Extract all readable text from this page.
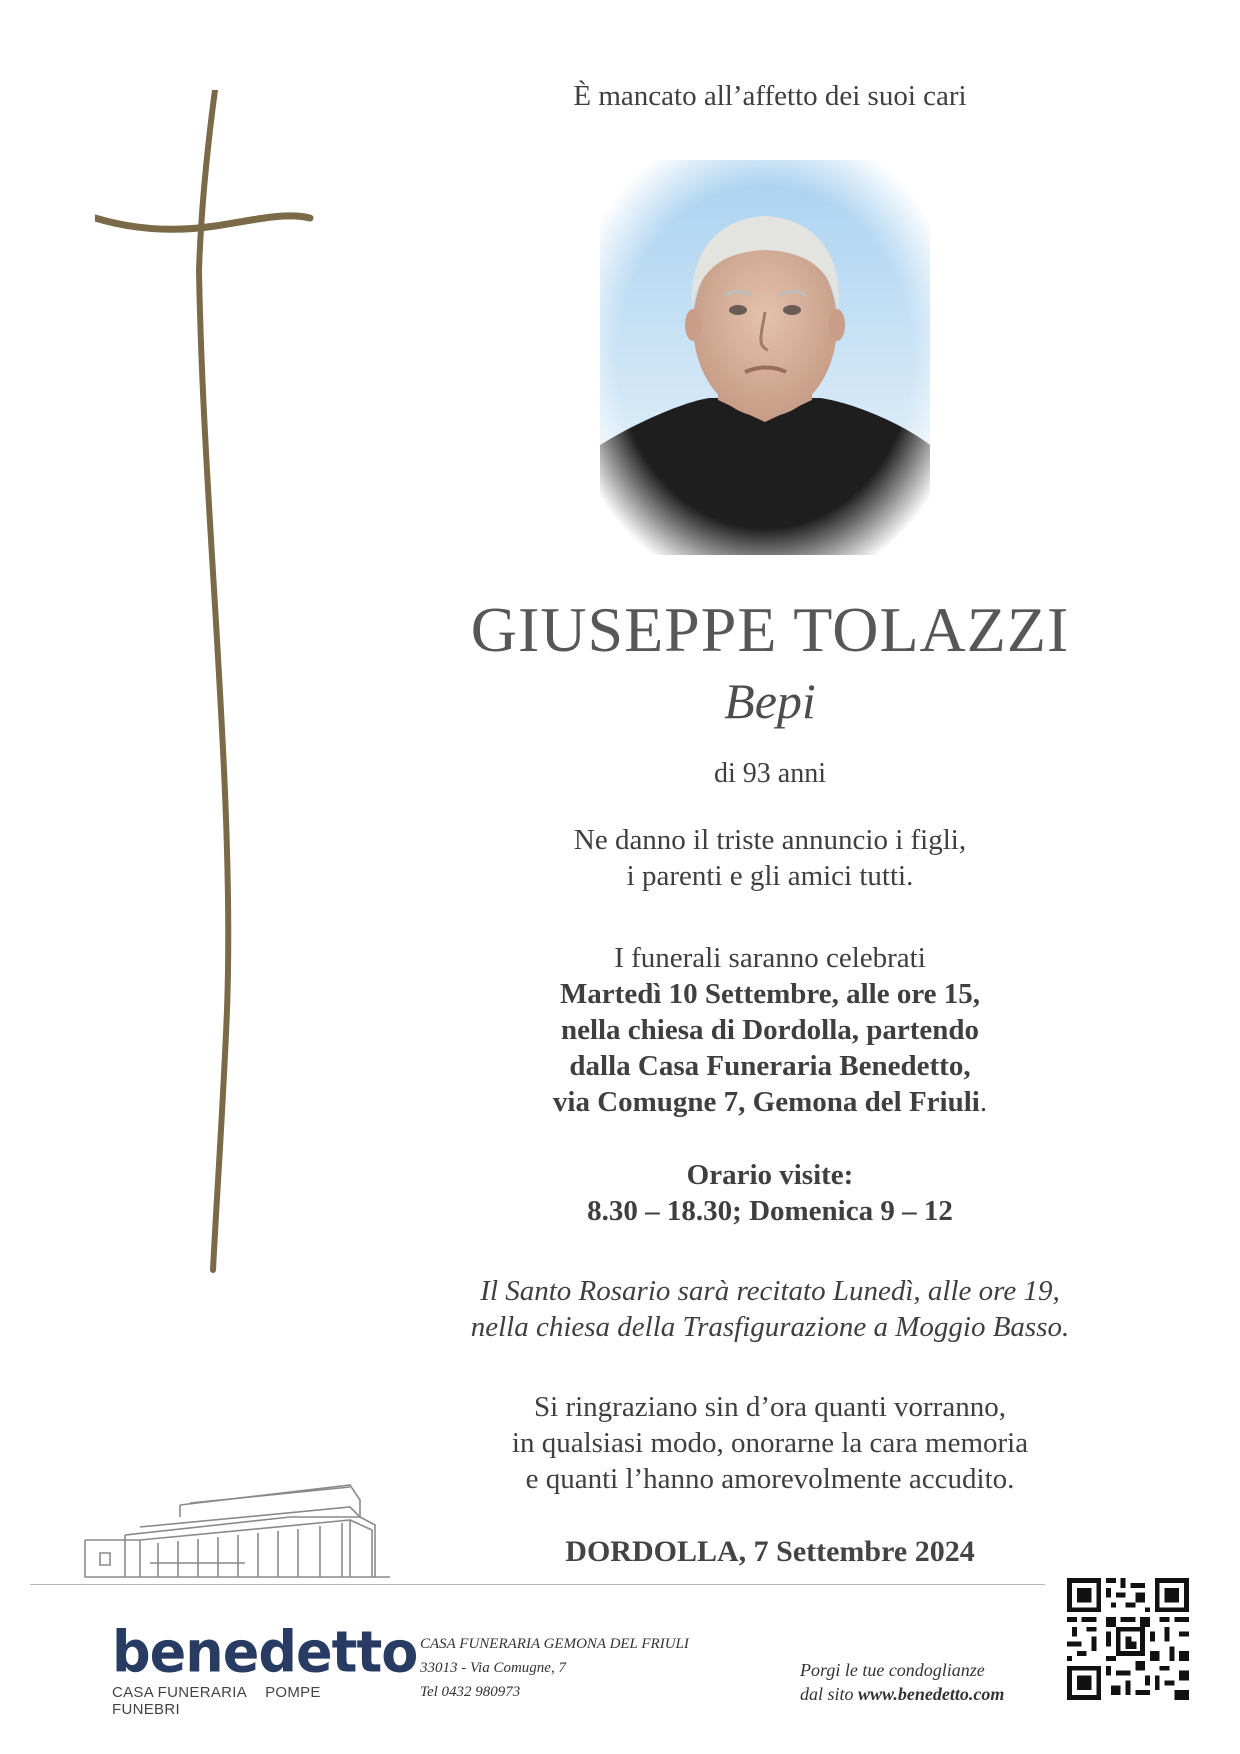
È mancato all’affetto dei suoi cari
GIUSEPPE TOLAZZI
Bepi
di 93 anni
Ne danno il triste annuncio i figli,
i parenti e gli amici tutti.
I funerali saranno celebrati
Martedì 10 Settembre, alle ore 15,
nella chiesa di Dordolla, partendo
dalla Casa Funeraria Benedetto,
via Comugne 7, Gemona del Friuli.
Orario visite:
8.30 – 18.30; Domenica 9 – 12
Il Santo Rosario sarà recitato Lunedì, alle ore 19,
nella chiesa della Trasfigurazione a Moggio Basso.
Si ringraziano sin d’ora quanti vorranno,
in qualsiasi modo, onorarne la cara memoria
e quanti l’hanno amorevolmente accudito.
DORDOLLA, 7 Settembre 2024
benedetto
CASA FUNERARIA POMPE FUNEBRI
CASA FUNERARIA GEMONA DEL FRIULI
33013 - Via Comugne, 7
Tel 0432 980973
Porgi le tue condoglianze
dal sito www.benedetto.com
